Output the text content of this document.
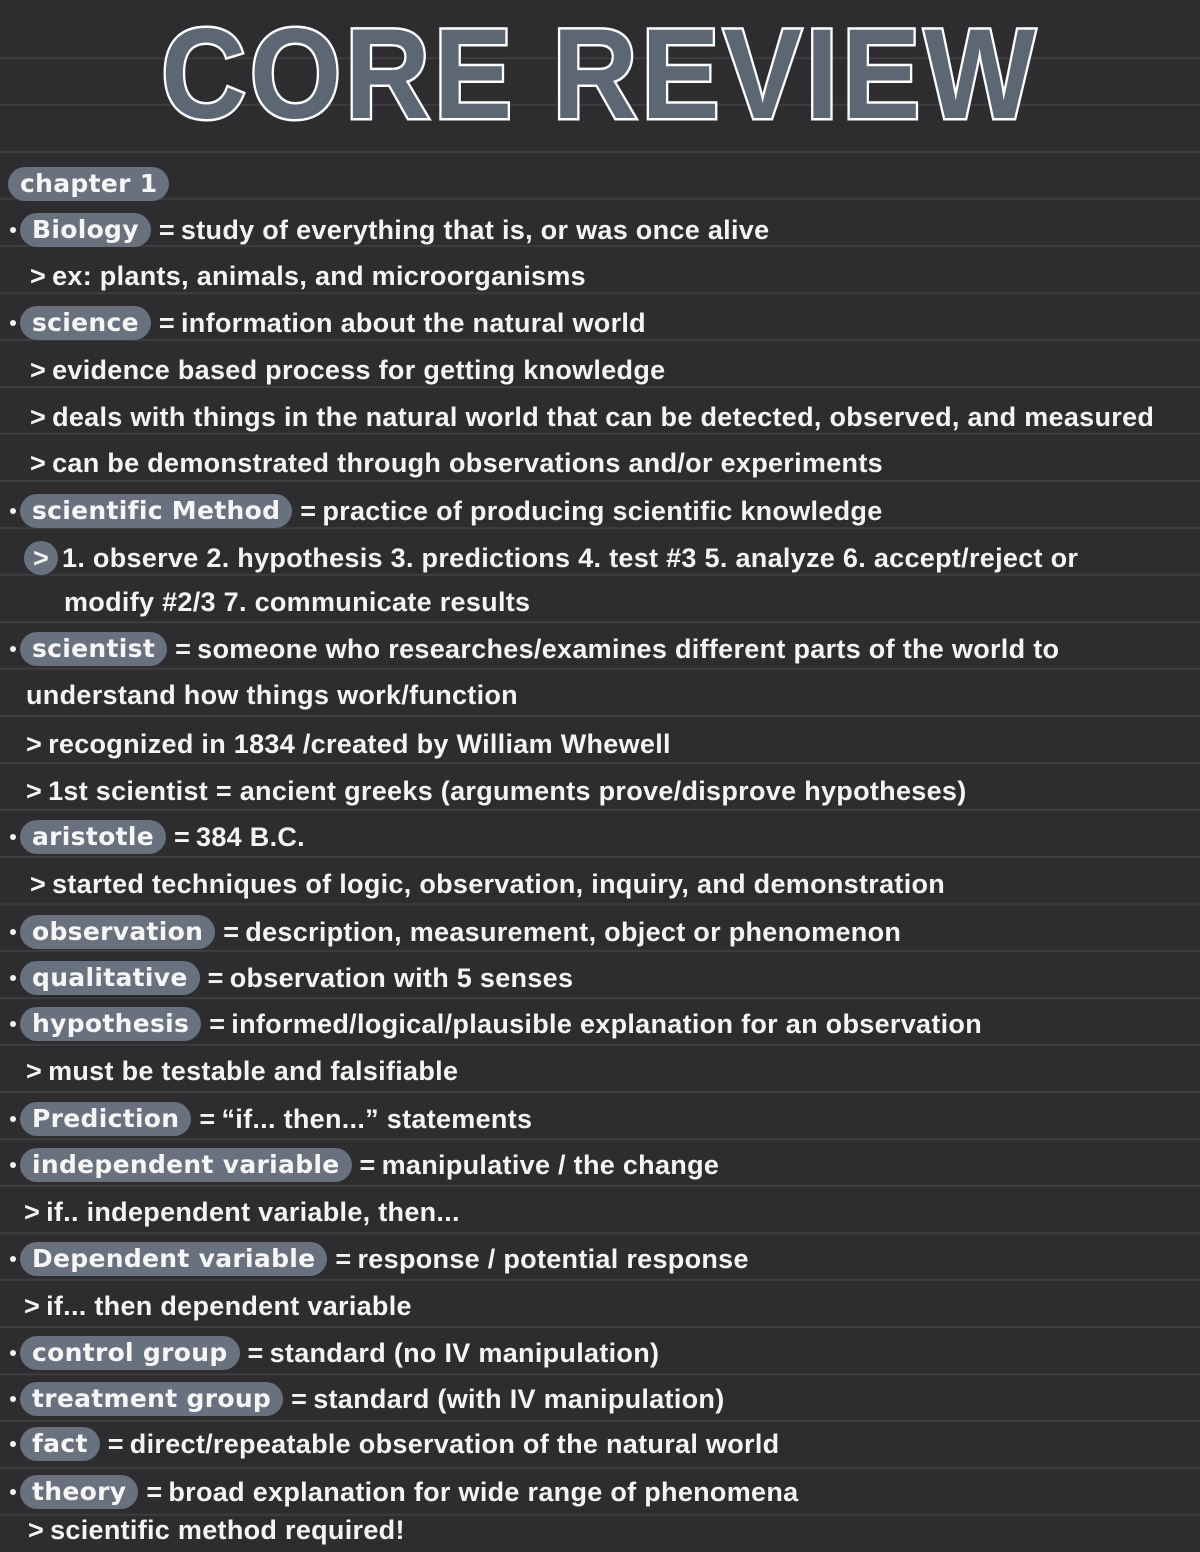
CORE REVIEW
chapter 1
Biology = study of everything that is, or was once alive
> ex: plants, animals, and microorganisms
science = information about the natural world
> evidence based process for getting knowledge
> deals with things in the natural world that can be detected, observed, and measured
> can be demonstrated through observations and/or experiments
scientific Method = practice of producing scientific knowledge
> 1. observe 2. hypothesis 3. predictions 4. test #3 5. analyze 6. accept/reject or
modify #2/3 7. communicate results
scientist = someone who researches/examines different parts of the world to
understand how things work/function
> recognized in 1834 /created by William Whewell
> 1st scientist = ancient greeks (arguments prove/disprove hypotheses)
aristotle = 384 B.C.
> started techniques of logic, observation, inquiry, and demonstration
observation = description, measurement, object or phenomenon
qualitative = observation with 5 senses
hypothesis = informed/logical/plausible explanation for an observation
> must be testable and falsifiable
Prediction = “if... then...” statements
independent variable = manipulative / the change
> if.. independent variable, then...
Dependent variable = response / potential response
> if... then dependent variable
control group = standard (no IV manipulation)
treatment group = standard (with IV manipulation)
fact = direct/repeatable observation of the natural world
theory = broad explanation for wide range of phenomena
> scientific method required!
